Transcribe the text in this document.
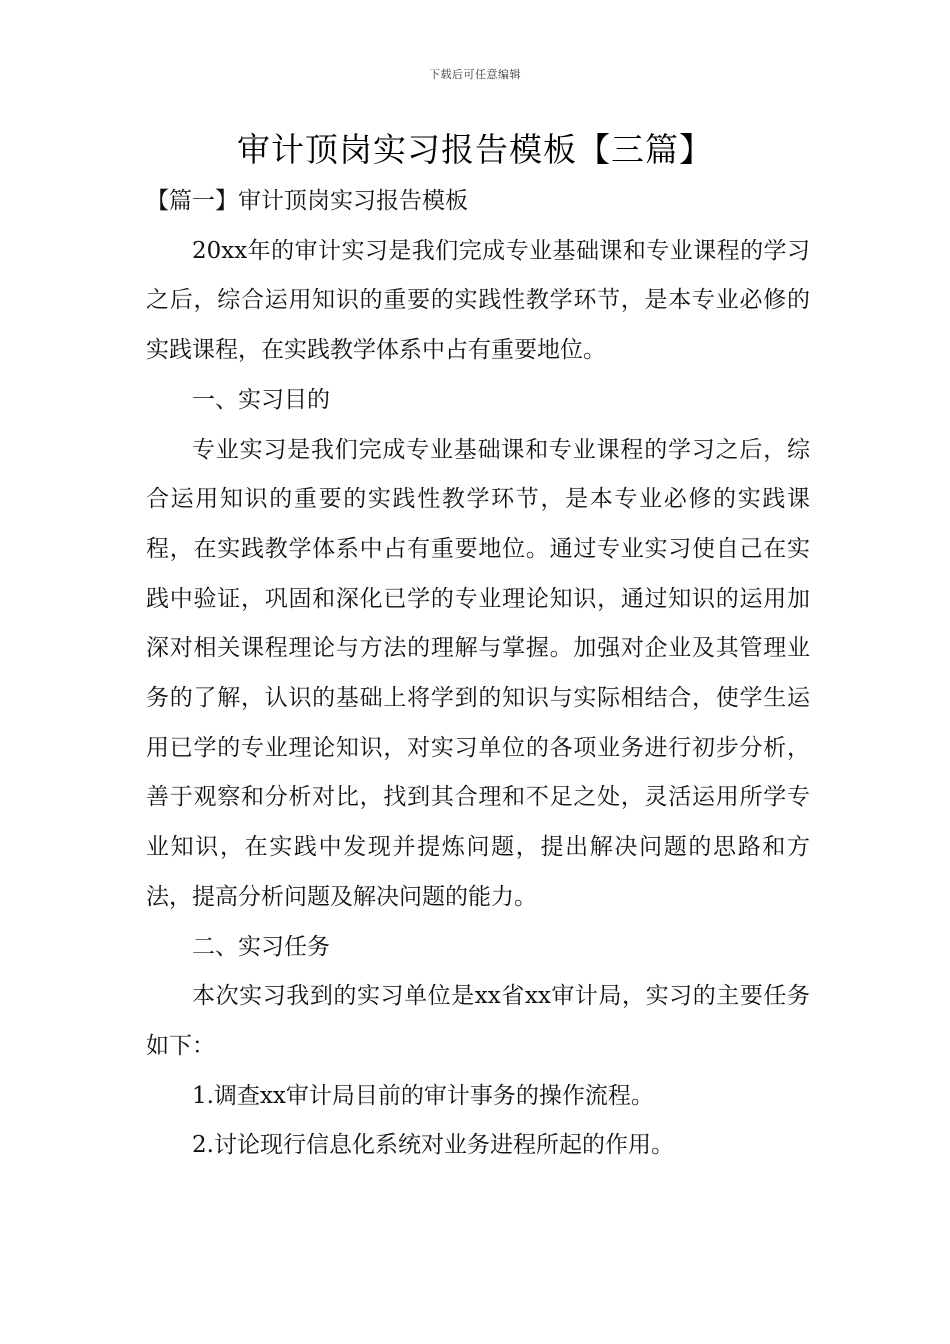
下载后可任意编辑
审计顶岗实习报告模板【三篇】

【篇一】审计顶岗实习报告模板

20xx年的审计实习是我们完成专业基础课和专业课程的学习之后，综合运用知识的重要的实践性教学环节，是本专业必修的实践课程，在实践教学体系中占有重要地位。

一、实习目的

专业实习是我们完成专业基础课和专业课程的学习之后，综合运用知识的重要的实践性教学环节，是本专业必修的实践课程，在实践教学体系中占有重要地位。通过专业实习使自己在实践中验证，巩固和深化已学的专业理论知识，通过知识的运用加深对相关课程理论与方法的理解与掌握。加强对企业及其管理业务的了解，认识的基础上将学到的知识与实际相结合，使学生运用已学的专业理论知识，对实习单位的各项业务进行初步分析，善于观察和分析对比，找到其合理和不足之处，灵活运用所学专业知识，在实践中发现并提炼问题，提出解决问题的思路和方法，提高分析问题及解决问题的能力。

二、实习任务

本次实习我到的实习单位是xx省xx审计局，实习的主要任务如下：

1.调查xx审计局目前的审计事务的操作流程。

2.讨论现行信息化系统对业务进程所起的作用。
